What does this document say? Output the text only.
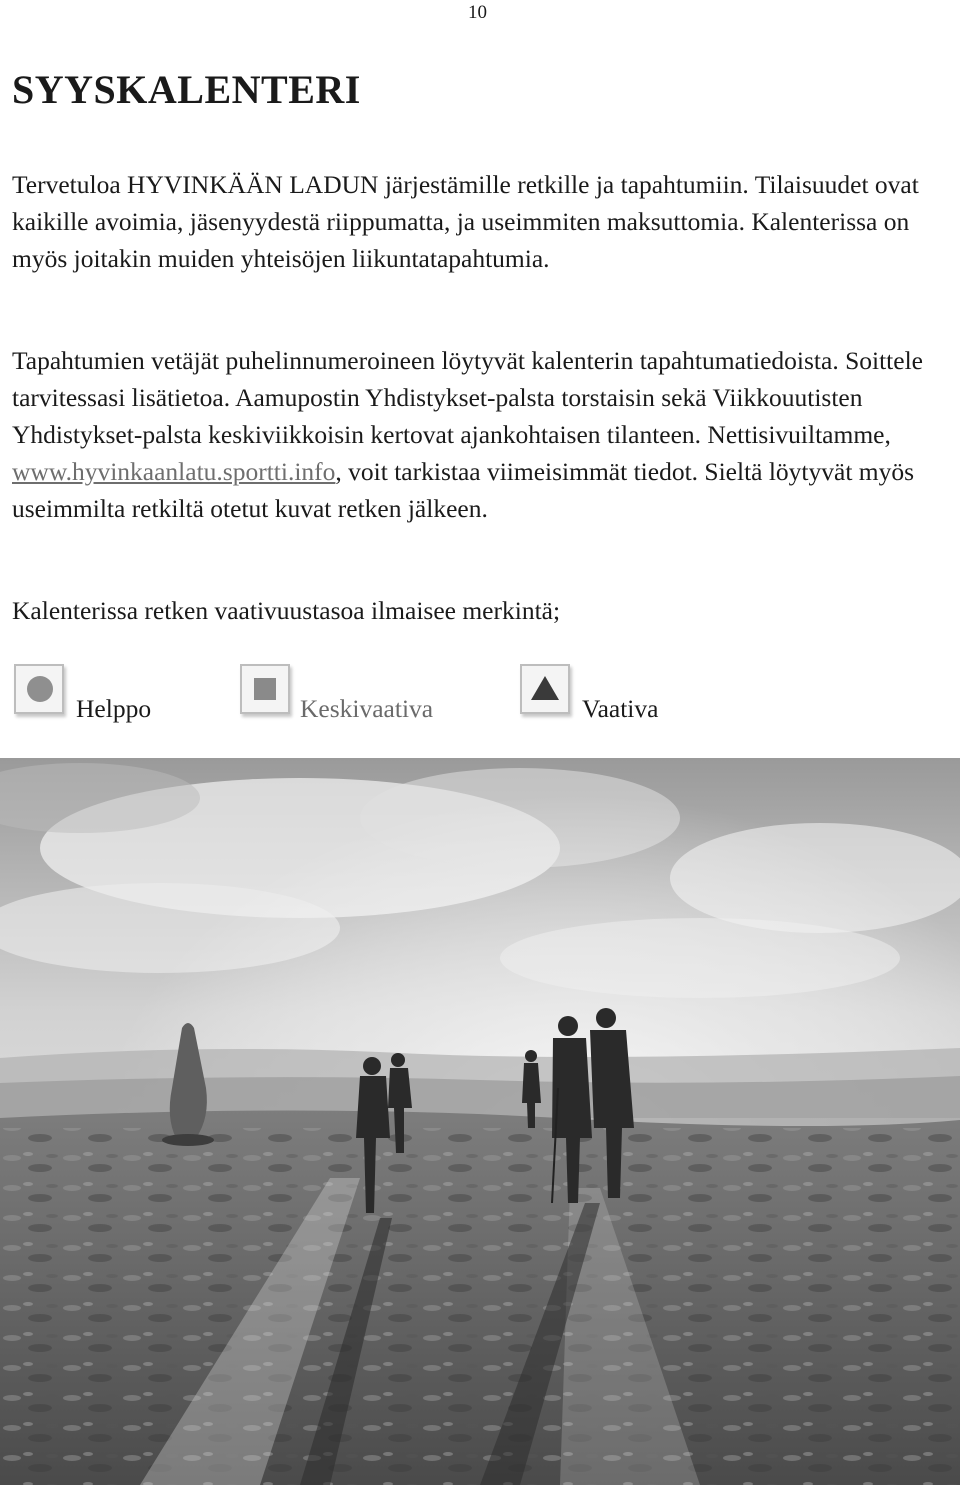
10
SYYSKALENTERI

Tervetuloa HYVINKÄÄN LADUN järjestämille retkille ja tapahtumiin. Tilaisuudet ovat kaikille avoimia, jäsenyydestä riippumatta, ja useimmiten maksuttomia. Kalenterissa on myös joitakin muiden yhteisöjen liikuntatapahtumia.

Tapahtumien vetäjät puhelinnumeroineen löytyvät kalenterin tapahtumatiedoista. Soittele tarvitessasi lisätietoa. Aamupostin Yhdistykset-palsta torstaisin sekä Viikkouutisten Yhdistykset-palsta keskiviikkoisin kertovat ajankohtaisen tilanteen. Nettisivuiltamme, www.hyvinkaanlatu.sportti.info, voit tarkistaa viimeisimmät tiedot. Sieltä löytyvät myös useimmilta retkiltä otetut kuvat retken jälkeen.

Kalenterissa retken vaativuustasoa ilmaisee merkintä;

Helppo	Keskivaativa	Vaativa
